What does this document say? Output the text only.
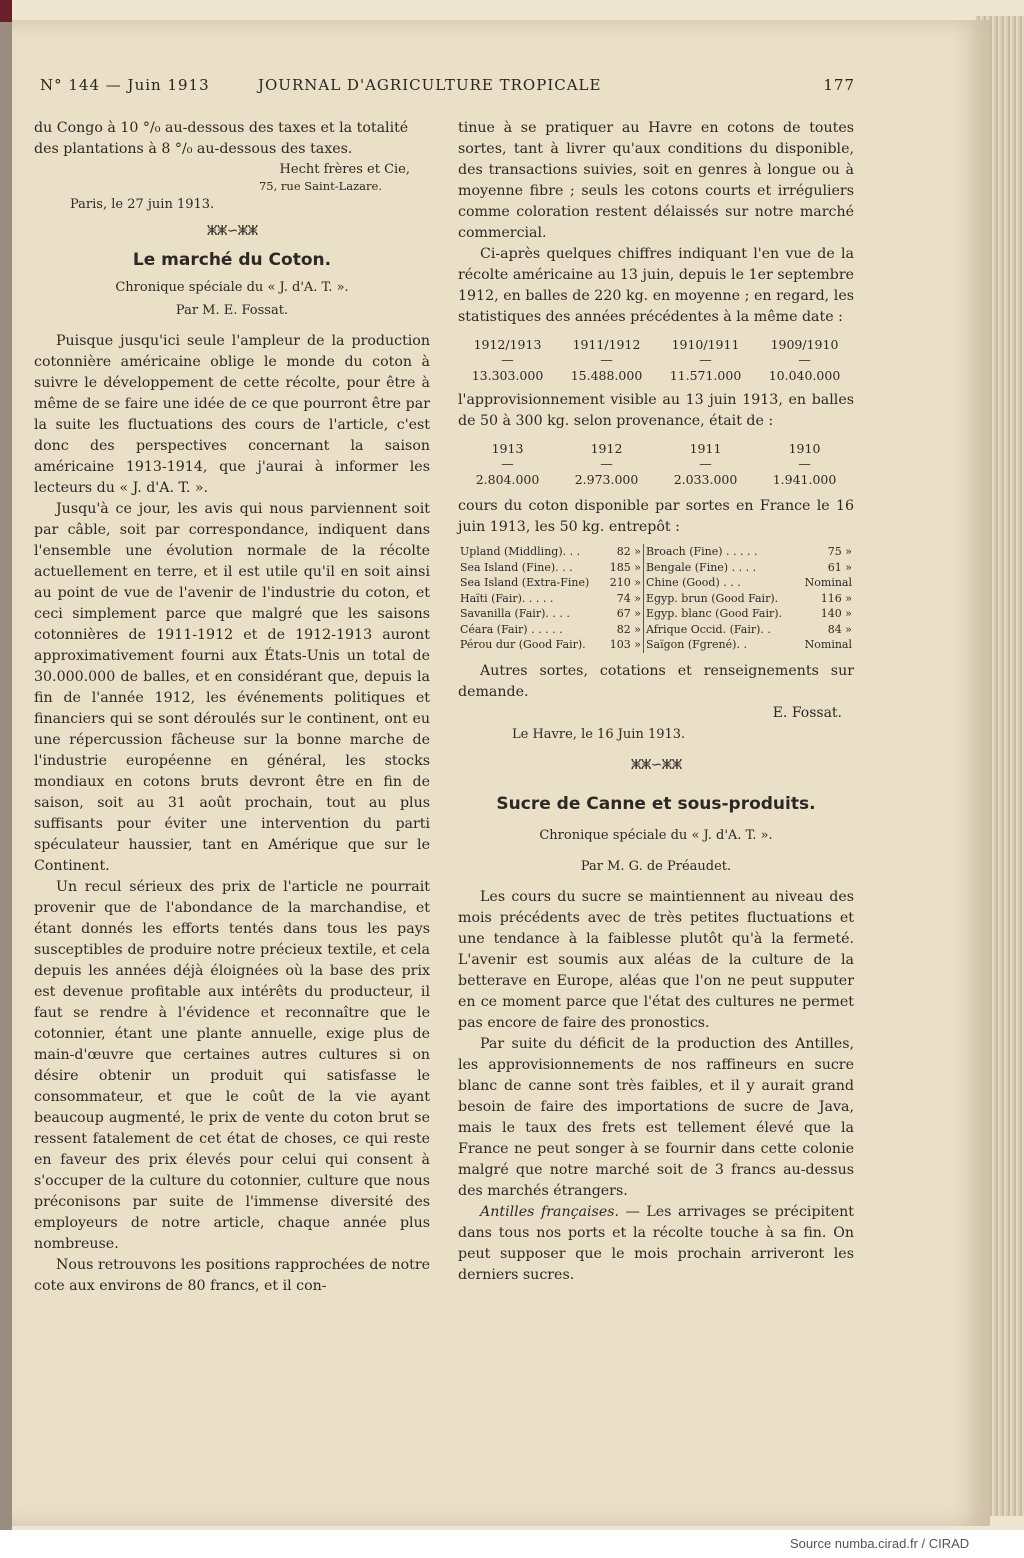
N° 144 — Juin 1913	JOURNAL D'AGRICULTURE TROPICALE	177

du Congo à 10 °/₀ au-dessous des taxes et la totalité

des plantations à 8 °/₀ au-dessous des taxes.

Hecht frères et Cie,

75, rue Saint-Lazare.

Paris, le 27 juin 1913.

ⵥⵥ∽ⵥⵥ
Le marché du Coton.

Chronique spéciale du « J. d'A. T. ».

Par M. E. Fossat.

Puisque jusqu'ici seule l'ampleur de la production cotonnière américaine oblige le monde du coton à suivre le développement de cette récolte, pour être à même de se faire une idée de ce que pourront être par la suite les fluctuations des cours de l'article, c'est donc des perspectives concernant la saison américaine 1913-1914, que j'aurai à informer les lecteurs du « J. d'A. T. ».

Jusqu'à ce jour, les avis qui nous parviennent soit par câble, soit par correspondance, indiquent dans l'ensemble une évolution normale de la récolte actuellement en terre, et il est utile qu'il en soit ainsi au point de vue de l'avenir de l'industrie du coton, et ceci simplement parce que malgré que les saisons cotonnières de 1911-1912 et de 1912-1913 auront approximativement fourni aux États-Unis un total de 30.000.000 de balles, et en considérant que, depuis la fin de l'année 1912, les événements politiques et financiers qui se sont déroulés sur le continent, ont eu une répercussion fâcheuse sur la bonne marche de l'industrie européenne en général, les stocks mondiaux en cotons bruts devront être en fin de saison, soit au 31 août prochain, tout au plus suffisants pour éviter une intervention du parti spéculateur haussier, tant en Amérique que sur le Continent.

Un recul sérieux des prix de l'article ne pourrait provenir que de l'abondance de la marchandise, et étant donnés les efforts tentés dans tous les pays susceptibles de produire notre précieux textile, et cela depuis les années déjà éloignées où la base des prix est devenue profitable aux intérêts du producteur, il faut se rendre à l'évidence et reconnaître que le cotonnier, étant une plante annuelle, exige plus de main-d'œuvre que certaines autres cultures si on désire obtenir un produit qui satisfasse le consommateur, et que le coût de la vie ayant beaucoup augmenté, le prix de vente du coton brut se ressent fatalement de cet état de choses, ce qui reste en faveur des prix élevés pour celui qui consent à s'occuper de la culture du cotonnier, culture que nous préconisons par suite de l'immense diversité des employeurs de notre article, chaque année plus nombreuse.

Nous retrouvons les positions rapprochées de notre cote aux environs de 80 francs, et il con-

tinue à se pratiquer au Havre en cotons de toutes sortes, tant à livrer qu'aux conditions du disponible, des transactions suivies, soit en genres à longue ou à moyenne fibre ; seuls les cotons courts et irréguliers comme coloration restent délaissés sur notre marché commercial.

Ci-après quelques chiffres indiquant l'en vue de la récolte américaine au 13 juin, depuis le 1er septembre 1912, en balles de 220 kg. en moyenne ; en regard, les statistiques des années précédentes à la même date :

1912/1913	1911/1912	1910/1911	1909/1910
—	—	—	—
13.303.000	15.488.000	11.571.000	10.040.000

l'approvisionnement visible au 13 juin 1913, en balles de 50 à 300 kg. selon provenance, était de :

1913	1912	1911	1910
—	—	—	—
2.804.000	2.973.000	2.033.000	1.941.000

cours du coton disponible par sortes en France le 16 juin 1913, les 50 kg. entrepôt :

Upland (Middling). . .	82 »		Broach (Fine) . . . . .	75 »
Sea Island (Fine). . .	185 »		Bengale (Fine) . . . .	61 »
Sea Island (Extra-Fine)	210 »		Chine (Good) . . .	Nominal
Haïti (Fair). . . . .	74 »		Egyp. brun (Good Fair).	116 »
Savanilla (Fair). . . .	67 »		Egyp. blanc (Good Fair).	140 »
Céara (Fair) . . . . .	82 »		Afrique Occid. (Fair). .	84 »
Pérou dur (Good Fair).	103 »		Saïgon (Fgrené). .	Nominal

Autres sortes, cotations et renseignements sur demande.

E. Fossat.

Le Havre, le 16 Juin 1913.

ⵥⵥ∽ⵥⵥ
Sucre de Canne et sous-produits.

Chronique spéciale du « J. d'A. T. ».

Par M. G. de Préaudet.

Les cours du sucre se maintiennent au niveau des mois précédents avec de très petites fluctuations et une tendance à la faiblesse plutôt qu'à la fermeté. L'avenir est soumis aux aléas de la culture de la betterave en Europe, aléas que l'on ne peut supputer en ce moment parce que l'état des cultures ne permet pas encore de faire des pronostics.

Par suite du déficit de la production des Antilles, les approvisionnements de nos raffineurs en sucre blanc de canne sont très faibles, et il y aurait grand besoin de faire des importations de sucre de Java, mais le taux des frets est tellement élevé que la France ne peut songer à se fournir dans cette colonie malgré que notre marché soit de 3 francs au-dessus des marchés étrangers.

Antilles françaises. — Les arrivages se précipitent dans tous nos ports et la récolte touche à sa fin. On peut supposer que le mois prochain arriveront les derniers sucres.

Source numba.cirad.fr / CIRAD
